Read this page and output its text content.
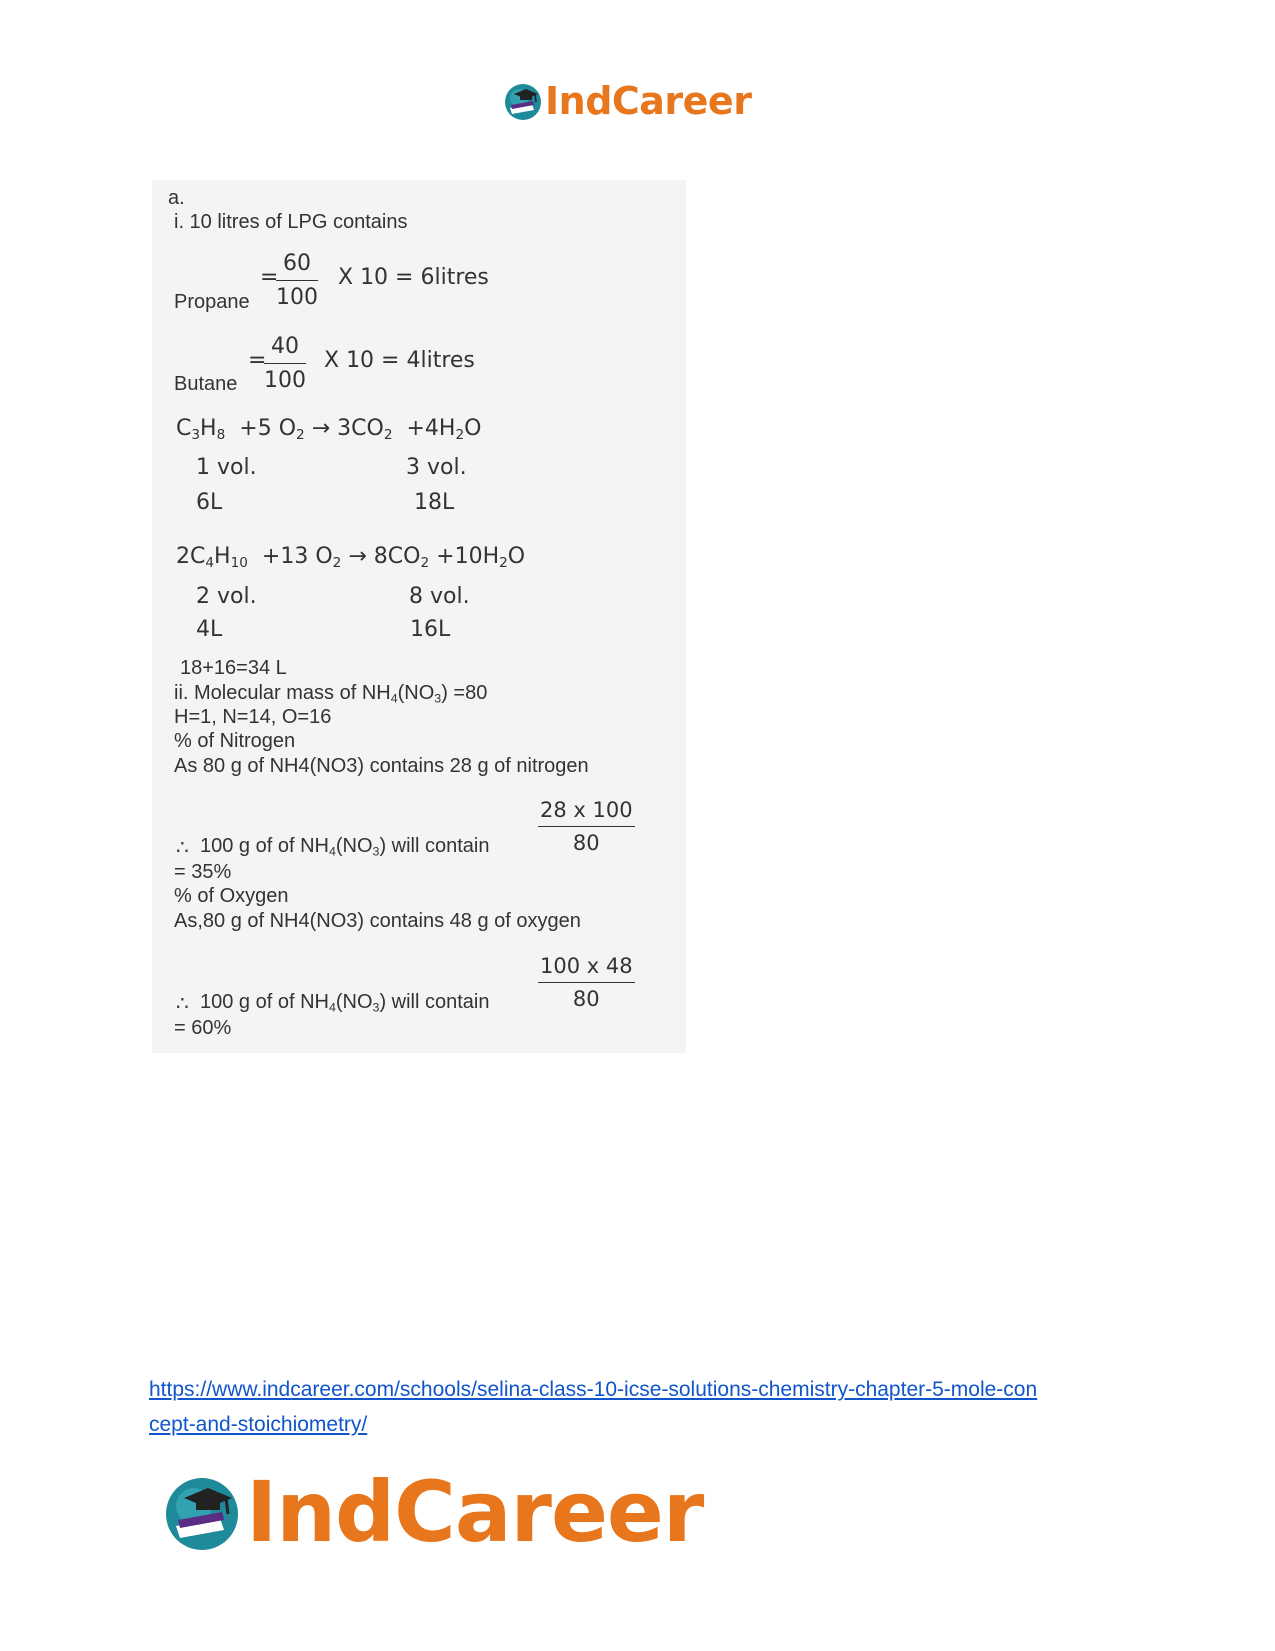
IndCareer
a.
i. 10 litres of LPG contains
Propane
=
60
100
X 10 = 6litres
Butane
=
40
100
X 10 = 4litres
$C_3H_8 +5$ $O_2 \to 3CO_2 +4H_2O$
1 vol.	3 vol.
6L	18L
$2C_4H_{10} +13$ $O_2 \to 8CO_2 +10H_2O$
2 vol.	8 vol.
4L	16L
18+16=34 L
ii. Molecular mass of $NH_4(NO_3) =80$
H=1, N=14, O=16
% of Nitrogen
As 80 g of NH4(NO3) contains 28 g of nitrogen
∴ 100 g of of $NH_4(NO_3)$ will contain
28 x 100
80
= 35%
% of Oxygen
As,80 g of NH4(NO3) contains 48 g of oxygen
∴ 100 g of of $NH_4(NO_3)$ will contain
100 x 48
80
= 60%
https://www.indcareer.com/schools/selina-class-10-icse-solutions-chemistry-chapter-5-mole-con
cept-and-stoichiometry/
IndCareer
